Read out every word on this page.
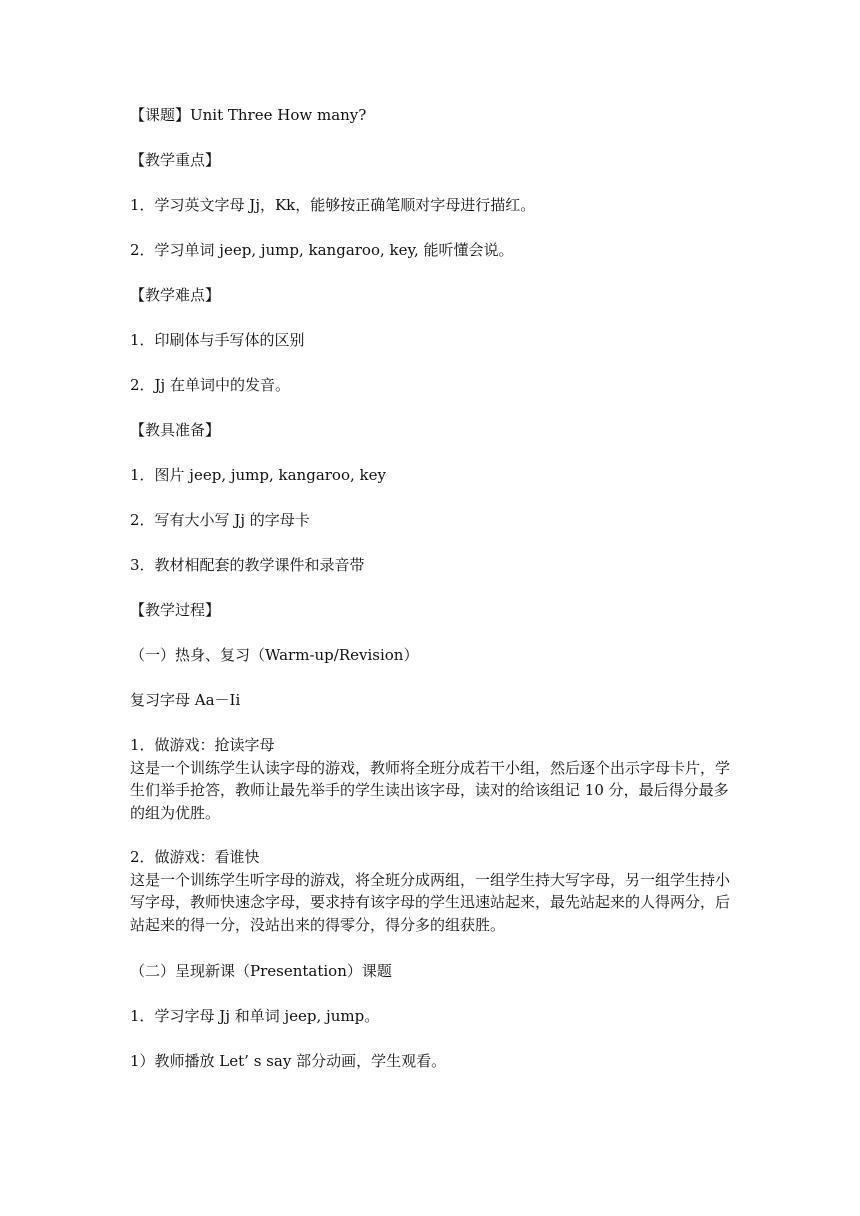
【课题】Unit Three How many?
【教学重点】
1．学习英文字母 Jj，Kk，能够按正确笔顺对字母进行描红。
2．学习单词 jeep, jump, kangaroo, key, 能听懂会说。
【教学难点】
1．印刷体与手写体的区别
2．Jj 在单词中的发音。
【教具准备】
1．图片 jeep, jump, kangaroo, key
2．写有大小写 Jj 的字母卡
3．教材相配套的教学课件和录音带
【教学过程】
（一）热身、复习（Warm-up/Revision）
复习字母 Aa－Ii
1．做游戏：抢读字母
这是一个训练学生认读字母的游戏，教师将全班分成若干小组，然后逐个出示字母卡片，学生们举手抢答，教师让最先举手的学生读出该字母，读对的给该组记 10 分，最后得分最多的组为优胜。
2．做游戏：看谁快
这是一个训练学生听字母的游戏，将全班分成两组，一组学生持大写字母，另一组学生持小写字母，教师快速念字母，要求持有该字母的学生迅速站起来，最先站起来的人得两分，后站起来的得一分，没站出来的得零分，得分多的组获胜。
（二）呈现新课（Presentation）课题
1．学习字母 Jj 和单词 jeep, jump。
1）教师播放 Let’ s say 部分动画，学生观看。
